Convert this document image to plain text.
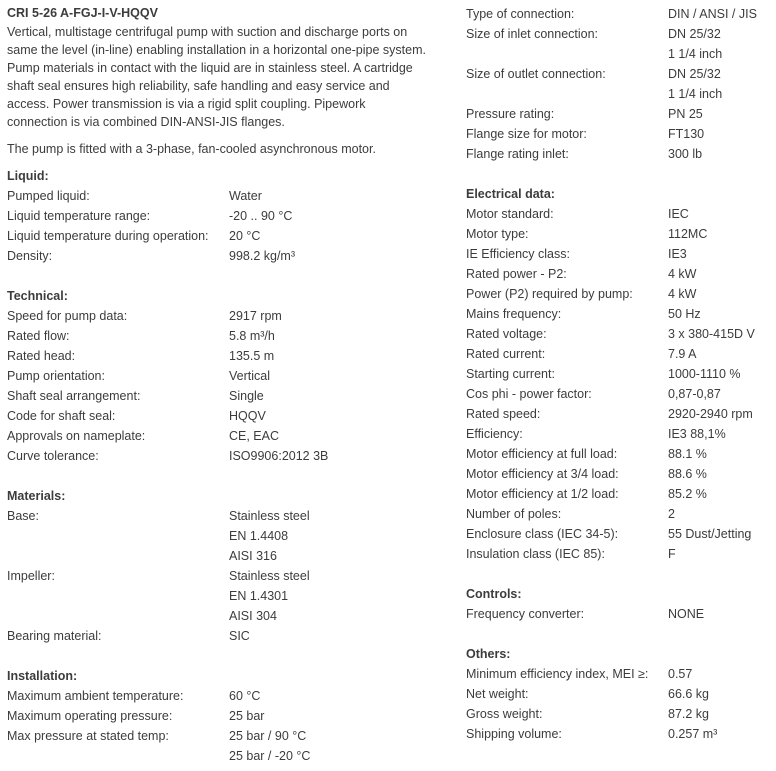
CRI 5-26 A-FGJ-I-V-HQQV
Liquid:
Pumped liquid:	Water
Liquid temperature range:	-20 .. 90 °C
Liquid temperature during operation: 20 °C
Density:	998.2 kg/m³
Technical:
Speed for pump data:	2917 rpm
Rated flow:	5.8 m³/h
Rated head:	135.5 m
Pump orientation:	Vertical
Shaft seal arrangement:	Single
Code for shaft seal:	HQQV
Approvals on nameplate:	CE, EAC
Curve tolerance:	ISO9906:2012 3B
Materials:
Base:	Stainless steel
EN 1.4408
AISI 316
Impeller:	Stainless steel
EN 1.4301
AISI 304
Bearing material:	SIC
Installation:
Maximum ambient temperature:	60 °C
Maximum operating pressure:	25 bar
Max pressure at stated temp:	25 bar / 90 °C
25 bar / -20 °C
Type of connection:	DIN / ANSI / JIS
Size of inlet connection:	DN 25/32
1 1/4 inch
Size of outlet connection:	DN 25/32
1 1/4 inch
Pressure rating:	PN 25
Flange size for motor:	FT130
Flange rating inlet:	300 lb
Electrical data:
Motor standard:	IEC
Motor type:	112MC
IE Efficiency class:	IE3
Rated power - P2:	4 kW
Power (P2) required by pump:	4 kW
Mains frequency:	50 Hz
Rated voltage:	3 x 380-415D V
Rated current:	7.9 A
Starting current:	1000-1110 %
Cos phi - power factor:	0,87-0,87
Rated speed:	2920-2940 rpm
Efficiency:	IE3 88,1%
Motor efficiency at full load:	88.1 %
Motor efficiency at 3/4 load:	88.6 %
Motor efficiency at 1/2 load:	85.2 %
Number of poles:	2
Enclosure class (IEC 34-5):	55 Dust/Jetting
Insulation class (IEC 85):	F
Controls:
Frequency converter:	NONE
Others:
Minimum efficiency index, MEI ≥: 0.57
Net weight:	66.6 kg
Gross weight:	87.2 kg
Shipping volume:	0.257 m³
Vertical, multistage centrifugal pump with suction and discharge ports on
same the level (in-line) enabling installation in a horizontal one-pipe system.
Pump materials in contact with the liquid are in stainless steel. A cartridge
shaft seal ensures high reliability, safe handling and easy service and
access. Power transmission is via a rigid split coupling. Pipework
connection is via combined DIN-ANSI-JIS flanges.
The pump is fitted with a 3-phase, fan-cooled asynchronous motor.
